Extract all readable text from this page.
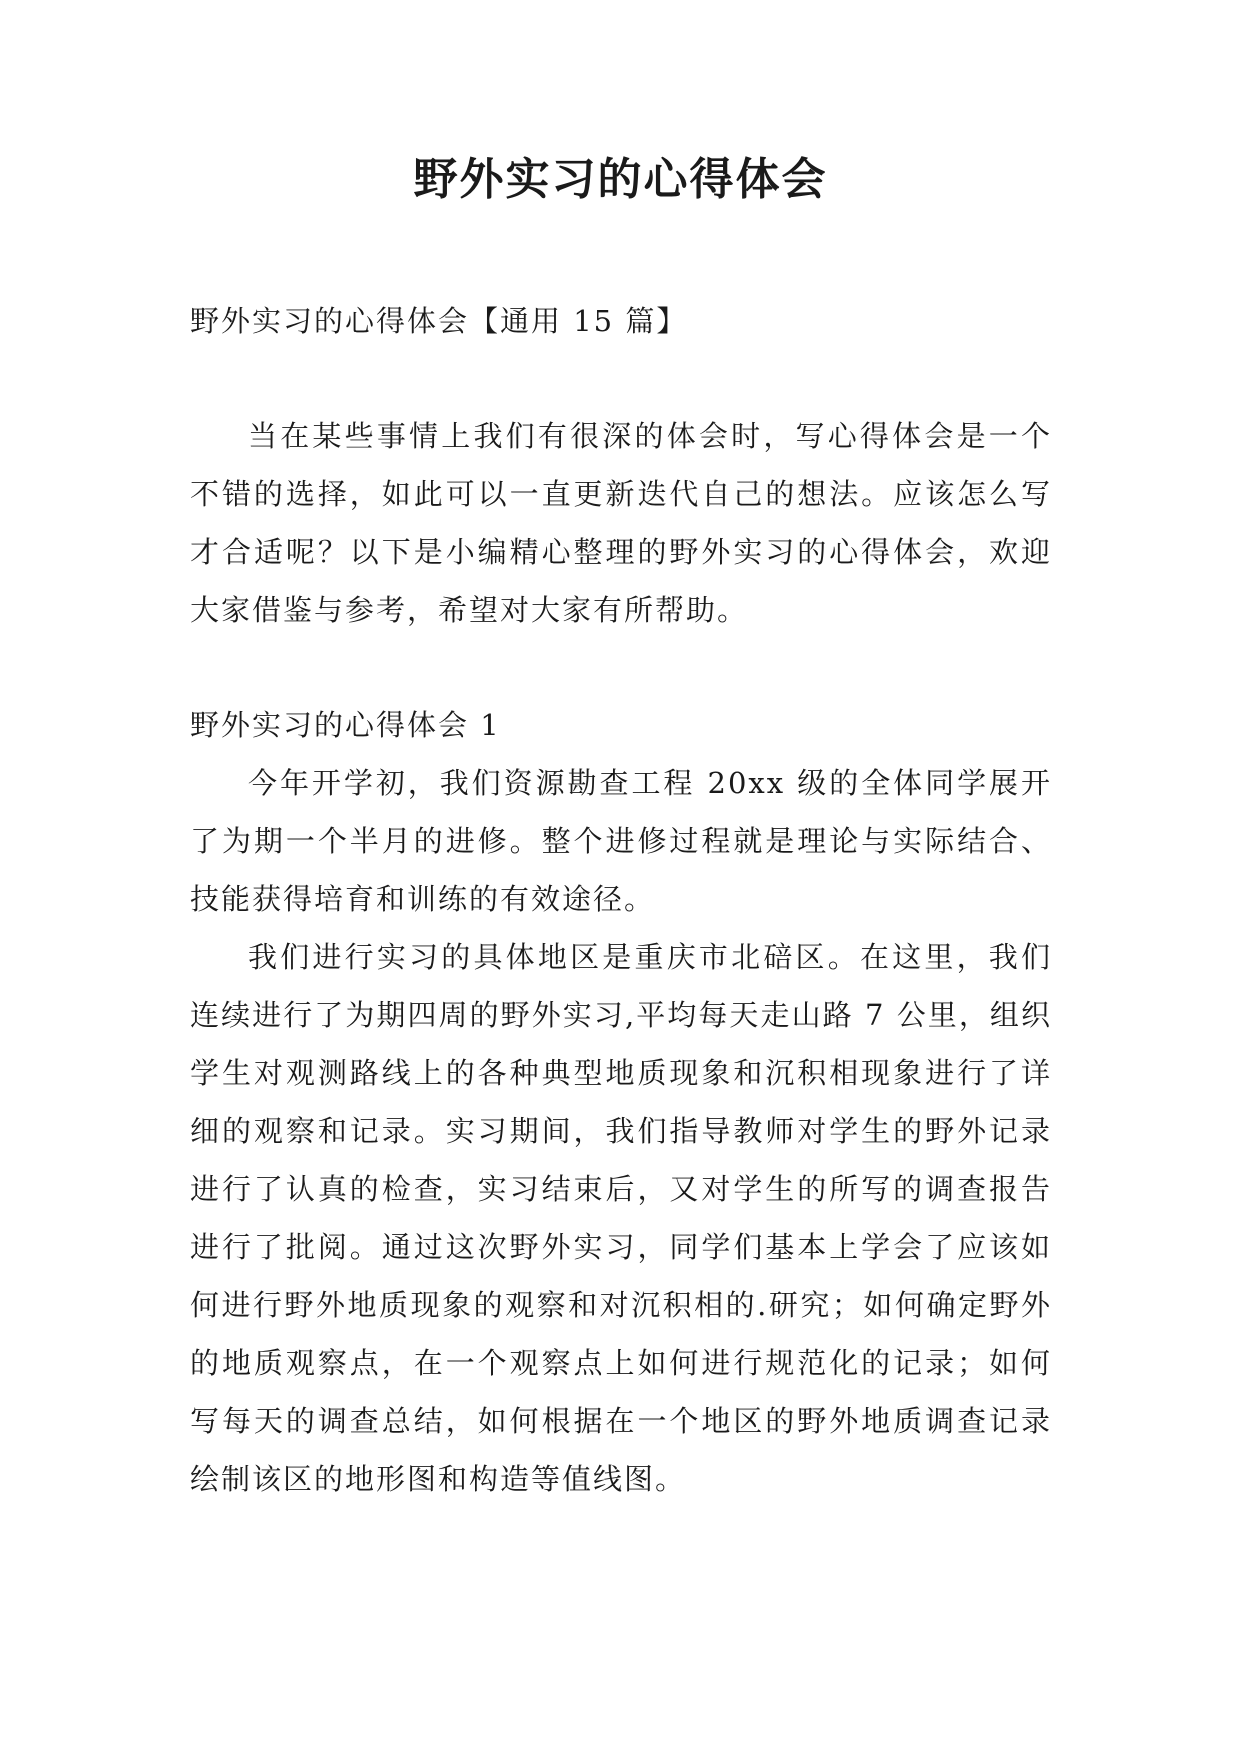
野外实习的心得体会

野外实习的心得体会【通用 15 篇】

当在某些事情上我们有很深的体会时，写心得体会是一个不错的选择，如此可以一直更新迭代自己的想法。应该怎么写才合适呢？以下是小编精心整理的野外实习的心得体会，欢迎大家借鉴与参考，希望对大家有所帮助。

野外实习的心得体会 1

今年开学初，我们资源勘查工程 20xx 级的全体同学展开了为期一个半月的进修。整个进修过程就是理论与实际结合、技能获得培育和训练的有效途径。

我们进行实习的具体地区是重庆市北碚区。在这里，我们连续进行了为期四周的野外实习,平均每天走山路 7 公里，组织学生对观测路线上的各种典型地质现象和沉积相现象进行了详细的观察和记录。实习期间，我们指导教师对学生的野外记录进行了认真的检查，实习结束后，又对学生的所写的调查报告进行了批阅。通过这次野外实习，同学们基本上学会了应该如何进行野外地质现象的观察和对沉积相的.研究；如何确定野外的地质观察点，在一个观察点上如何进行规范化的记录；如何写每天的调查总结，如何根据在一个地区的野外地质调查记录绘制该区的地形图和构造等值线图。
